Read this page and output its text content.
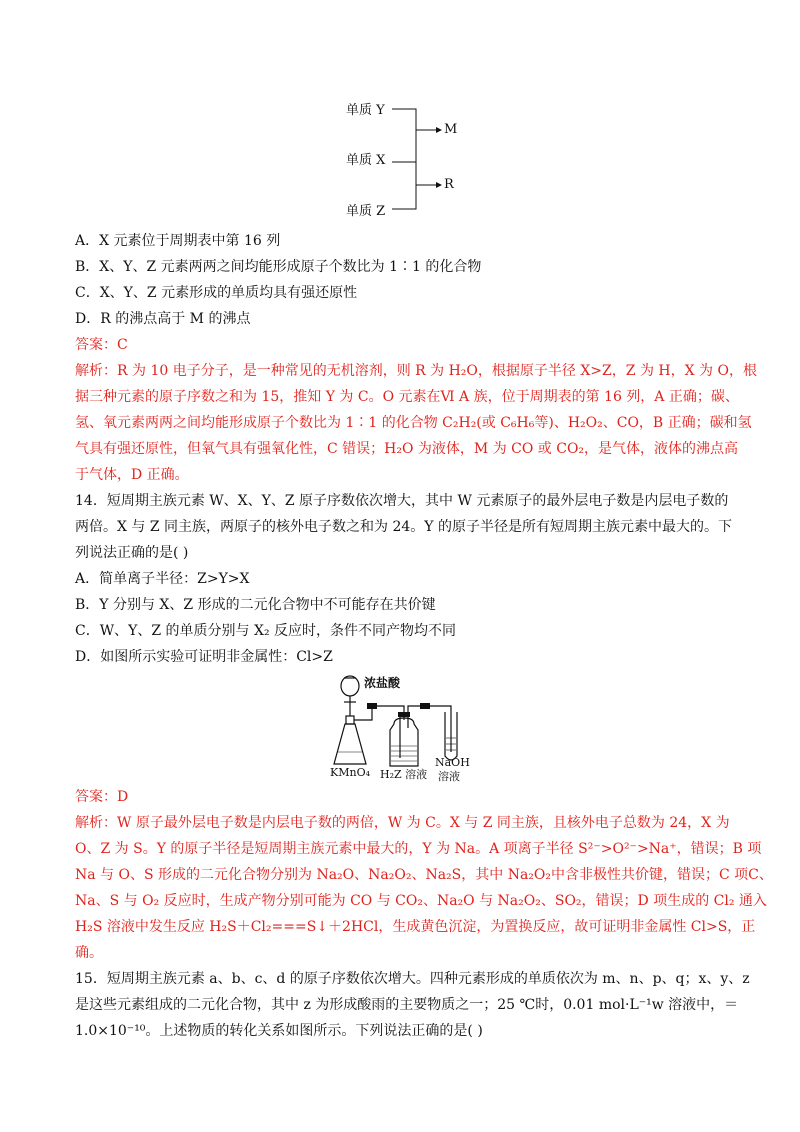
单质 Y
单质 X
单质 Z
M
R
A．X 元素位于周期表中第 16 列
B．X、Y、Z 元素两两之间均能形成原子个数比为 1∶1 的化合物
C．X、Y、Z 元素形成的单质均具有强还原性
D．R 的沸点高于 M 的沸点
答案：C
解析：R 为 10 电子分子，是一种常见的无机溶剂，则 R 为 H₂O，根据原子半径 X>Z，Z 为 H，X 为 O，根
据三种元素的原子序数之和为 15，推知 Y 为 C。O 元素在Ⅵ A 族，位于周期表的第 16 列，A 正确；碳、
氢、氧元素两两之间均能形成原子个数比为 1∶1 的化合物 C₂H₂(或 C₆H₆等)、H₂O₂、CO，B 正确；碳和氢
气具有强还原性，但氧气具有强氧化性，C 错误；H₂O 为液体，M 为 CO 或 CO₂，是气体，液体的沸点高
于气体，D 正确。
14．短周期主族元素 W、X、Y、Z 原子序数依次增大，其中 W 元素原子的最外层电子数是内层电子数的
两倍。X 与 Z 同主族，两原子的核外电子数之和为 24。Y 的原子半径是所有短周期主族元素中最大的。下
列说法正确的是( )
A．简单离子半径：Z>Y>X
B．Y 分别与 X、Z 形成的二元化合物中不可能存在共价键
C．W、Y、Z 的单质分别与 X₂ 反应时，条件不同产物均不同
D．如图所示实验可证明非金属性：Cl>Z
浓盐酸
KMnO₄ H₂Z 溶液
NaOH
溶液
答案：D
解析：W 原子最外层电子数是内层电子数的两倍，W 为 C。X 与 Z 同主族，且核外电子总数为 24，X 为
O、Z 为 S。Y 的原子半径是短周期主族元素中最大的，Y 为 Na。A 项离子半径 S²⁻>O²⁻>Na⁺，错误；B 项
Na 与 O、S 形成的二元化合物分别为 Na₂O、Na₂O₂、Na₂S，其中 Na₂O₂中含非极性共价键，错误；C 项C、
Na、S 与 O₂ 反应时，生成产物分别可能为 CO 与 CO₂、Na₂O 与 Na₂O₂、SO₂，错误；D 项生成的 Cl₂ 通入
H₂S 溶液中发生反应 H₂S＋Cl₂===S↓＋2HCl，生成黄色沉淀，为置换反应，故可证明非金属性 Cl>S，正
确。
15．短周期主族元素 a、b、c、d 的原子序数依次增大。四种元素形成的单质依次为 m、n、p、q；x、y、z
是这些元素组成的二元化合物，其中 z 为形成酸雨的主要物质之一；25 ℃时，0.01 mol·L⁻¹w 溶液中，＝
1.0×10⁻¹⁰。上述物质的转化关系如图所示。下列说法正确的是( )
